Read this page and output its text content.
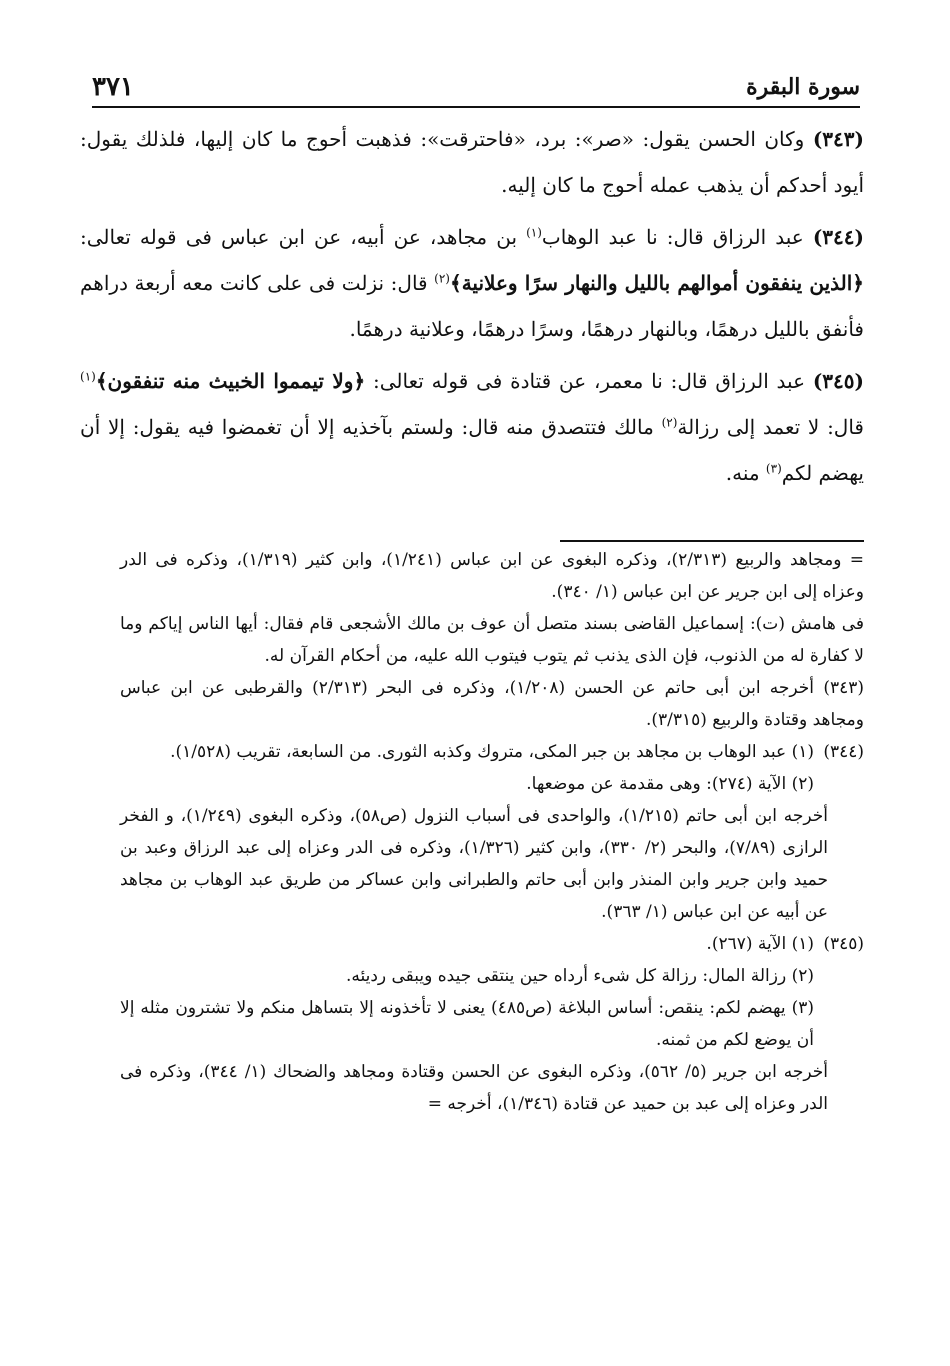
سورة البقرة
٣٧١

(٣٤٣) وكان الحسن يقول: «صر»: برد، «فاحترقت»: فذهبت أحوج ما كان إليها، فلذلك يقول: أيود أحدكم أن يذهب عمله أحوج ما كان إليه.

(٣٤٤) عبد الرزاق قال: نا عبد الوهاب$^{(١)}$ بن مجاهد، عن أبيه، عن ابن عباس فى قوله تعالى: ﴿الذين ينفقون أموالهم بالليل والنهار سرًا وعلانية﴾$^{(٢)}$ قال: نزلت فى على كانت معه أربعة دراهم فأنفق بالليل درهمًا، وبالنهار درهمًا، وسرًا درهمًا، وعلانية درهمًا.

(٣٤٥) عبد الرزاق قال: نا معمر، عن قتادة فى قوله تعالى: ﴿ولا تيمموا الخبيث منه تنفقون﴾$^{(١)}$ قال: لا تعمد إلى رزالة$^{(٢)}$ مالك فتتصدق منه قال: ولستم بآخذيه إلا أن تغمضوا فيه يقول: إلا أن يهضم لكم$^{(٣)}$ منه.

= ومجاهد والربيع (٢/٣١٣)، وذكره البغوى عن ابن عباس (١/٢٤١)، وابن كثير (١/٣١٩)، وذكره فى الدر وعزاه إلى ابن جرير عن ابن عباس (١/ ٣٤٠).

فى هامش (ت): إسماعيل القاضى بسند متصل أن عوف بن مالك الأشجعى قام فقال: أيها الناس إياكم وما لا كفارة له من الذنوب، فإن الذى يذنب ثم يتوب فيتوب الله عليه، من أحكام القرآن له.

(٣٤٣)أخرجه ابن أبى حاتم عن الحسن (١/٢٠٨)، وذكره فى البحر (٢/٣١٣) والقرطبى عن ابن عباس ومجاهد وقتادة والربيع (٣/٣١٥).

(٣٤٤)(١) عبد الوهاب بن مجاهد بن جبر المكى، متروك وكذبه الثورى. من السابعة، تقريب (١/٥٢٨).

(٢) الآية (٢٧٤): وهى مقدمة عن موضعها.

أخرجه ابن أبى حاتم (١/٢١٥)، والواحدى فى أسباب النزول (ص٥٨)، وذكره البغوى (١/٢٤٩)، و الفخر الرازى (٧/٨٩)، والبحر (٢/ ٣٣٠)، وابن كثير (١/٣٢٦)، وذكره فى الدر وعزاه إلى عبد الرزاق وعبد بن حميد وابن جرير وابن المنذر وابن أبى حاتم والطبرانى وابن عساكر من طريق عبد الوهاب بن مجاهد عن أبيه عن ابن عباس (١/ ٣٦٣).

(٣٤٥)(١) الآية (٢٦٧).

(٢) رزالة المال: رزالة كل شىء أرداه حين ينتقى جيده ويبقى رديئه.

(٣) يهضم لكم: ينقص: أساس البلاغة (ص٤٨٥) يعنى لا تأخذونه إلا بتساهل منكم ولا تشترون مثله إلا أن يوضع لكم من ثمنه.

أخرجه ابن جرير (٥/ ٥٦٢)، وذكره البغوى عن الحسن وقتادة ومجاهد والضحاك (١/ ٣٤٤)، وذكره فى الدر وعزاه إلى عبد بن حميد عن قتادة (١/٣٤٦)، أخرجه =
